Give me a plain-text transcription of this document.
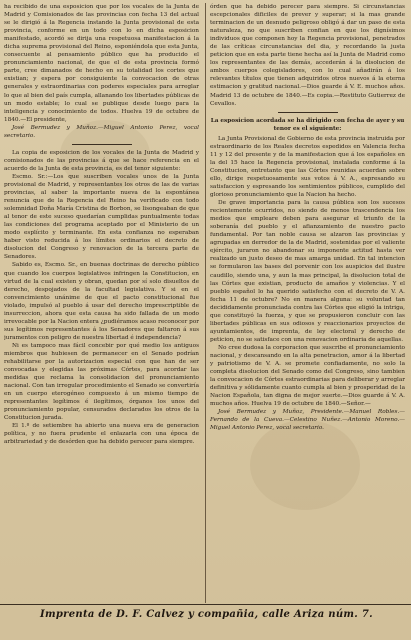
ha recibido de una esposicion que por los vocales de la Junta de Madrid y Comisionados de las provincias con fecha 13 del actual se le dirigió á la Regencia instando la Junta provisional de esta provincia, conforme en un todo con lo en dicha esposicion manifestado, acordó se dirija una respetuosa manifestacion á la dicha suprema provisional del Reino, esponiéndola que esta Junta, consecuente al pensamiento público que ha producido el pronunciamiento nacional, de que el de esta provincia formó parte, cree dimanados de hecho en su totalidad los cortes que existian; y espera por consiguiente la convocacion de otras generales y estraordinarias con poderes especiales para arreglar lo que al bien del país cumpla, allanando los libertades públicas de un modo estable; lo cual se publique desde luego para la inteligencia y conocimiento de todos. Huelva 19 de octubre de 1840.—El presidente,

José Bermudez y Muñoz.—Miguel Antonio Perez, vocal secretario.

La copia de esposicion de los vocales de la Junta de Madrid y comisionados de las provincias á que se hace referencia en el acuerdo de la Junta de esta provincia, es del tenor siguiente:

Escmo. Sr.:—Los que suscriben vocales unos de la Junta provisional de Madrid, y representantes los otros de las de varias provincias, al saber la importante nueva de la espontánea renuncia que de la Regencia del Reino ha verificado con todo solemnidad Doña María Cristina de Borbon, se lisongeaban de que al tenor de este suceso quedarían cumplidas puntualmente todas las condiciones del programa aceptado por el Ministerio de un modo esplícito y terminante. En esta confianza no esperaban haber visto reducida á los límites ordinarios el decreto de disolucion del Congreso y renovacion de la tercera parte de Senadores.

Sabido es, Escmo. Sr., en buenas doctrinas de derecho público que cuando los cuerpos legislativos infringen la Constitucion, en virtud de la cual existen y obran, quedan por sí solo disueltos de derecho, despojados de la facultad legislativa. Y si en el convencimiento unánime de que el pacto constitucional fue violado, impulsó al pueblo á usar del derecho imprescriptible de insurreccion, ahora que esta causa ha sido fallada de un modo irrevocable por la Nacion entera ¿pudiéramos acaso reconocer por sus legítimos representantes á los Senadores que faltaron á sus juramentos con peligro de nuestra libertad é independencia?

Ni es tampoco mas fácil concebir por qué medio los antiguos miembros que hubiesen de permanecer en el Senado podrían rehabilitarse por la autorizacion especial con que han de ser convocadas y elegidas las próximas Córtes, para acordar las medidas que reclama la consolidacion del pronunciamiento nacional. Con tan irregular procedimiento el Senado se convertiría en un cuerpo eterogéneo compuesto á un mismo tiempo de representantes legítimos é ilegítimos, órganos los unos del pronunciamiento popular, censurados declarados los otros de la Constitucion jurada.

El 1.º de setiembre ha abierto una nueva era de generacion política, y no fuera prudente el enlazarla con una época de arbitrariedad y de desórden que ha debido perecer para siempre.

órden que ha debido perecer para siempre. Si circunstancias escepcionales dificiles de prever y superar; si la mas grande terminacion de un desnudo peligroso obligó á dar un paso de esta naturaleza, no que suscriben confian en que los dignísimos individuos que componen hoy la Regencia provisional, penetrados de las críticas circunstancias del dia, y recordando la justa peticion que en esta parte tiene hecha así la Junta de Madrid como los representantes de las demás, accederán á la disolucion de ambos cuerpos colegisladores, con lo cual añadirán á los relevantes títulos que tienen adquiridos otros nuevos á la eterna estimacion y gratitud nacional.—Dios guarde á V. E. muchos años. Madrid 13 de octubre de 1840.—Es copia.—Restituto Gutierrez de Cevallos.

La esposicion acordada se ha dirigido con fecha de ayer y su tenor es el siguiente:

La Junta Provisional de Gobierno de esta provincia instruida por estraordinario de los Reales decretos espedidos en Valencia fecha 11 y 12 del presente y de la manifestacion que á los españoles en la del 15 hace la Regencia provisional, instalada conforme á la Constitucion, entretanto que las Córtes reunidas acuerdan sobre ello, dirige respetuosamente sus votos á V. A., espresando su satisfaccion y espresando los sentimientos públicos, cumplido del glorioso pronunciamiento que la Nacion ha hecho.

De grave importancia para la causa pública son los sucesos recientemente ocurridos, no siendo de menos trascendencia los medios que empleare deben para asegurar el triunfo de la soberanía del pueblo y el afianzamiento de nuestro pacto fundamental. Por tan noble causa se alzaron las provincias y agrupadas en derredor de la de Madrid, sostenidas por el valiente ejército, juraron no abandonar su imponente actitud hasta ver realizado un justo deseo de mas amarga unidad. En tal intencion se formularon las bases del porvenir con los auspicios del ilustre caudillo, siendo una, y aun la mas principal, la disolucion total de las Córtes que existian, producto de amaños y violencias. Y el pueblo español lo ha querido satisfecho con el decreto de V. A. fecha 11 de octubre? No en manera alguna: su voluntad tan decididamente pronunciada contra las Córtes que eligió la intriga, que constituyó la fuerza, y que se propusieron concluir con las libertades públicas en sus odiosos y reaccionarios proyectos de ayuntamientos, de imprenta, de ley electoral y derecho de peticion, no se satisface con una renovacion ordinaria de aquellas.

No cree dudosa la corporacion que suscribe el pronunciamiento nacional, y descansando en la alta penetracion, amor á la libertad y patriotismo de V. A. se promete confiadamente, no solo la completa disolucion del Senado como del Congreso, sino tambien la convocacion de Córtes estraordinarias para deliberar y arreglar definitiva y sólidamente cuanto cumpla al bien y prosperidad de la Nacion Española, tan digna de mejor suerte.—Dios guarde á V. A. muchos años. Huelva 19 de octubre de 1840.—Señor.—

José Bermudez y Muñoz, Presidente.—Manuel Robles.—Fernando de la Cueva.—Celestino Nuñez.—Antonio Moreno.—Miguel Antonio Perez, vocal secretario.

Imprenta de D. F. Calvez y compañia, calle Ariza núm. 7.
